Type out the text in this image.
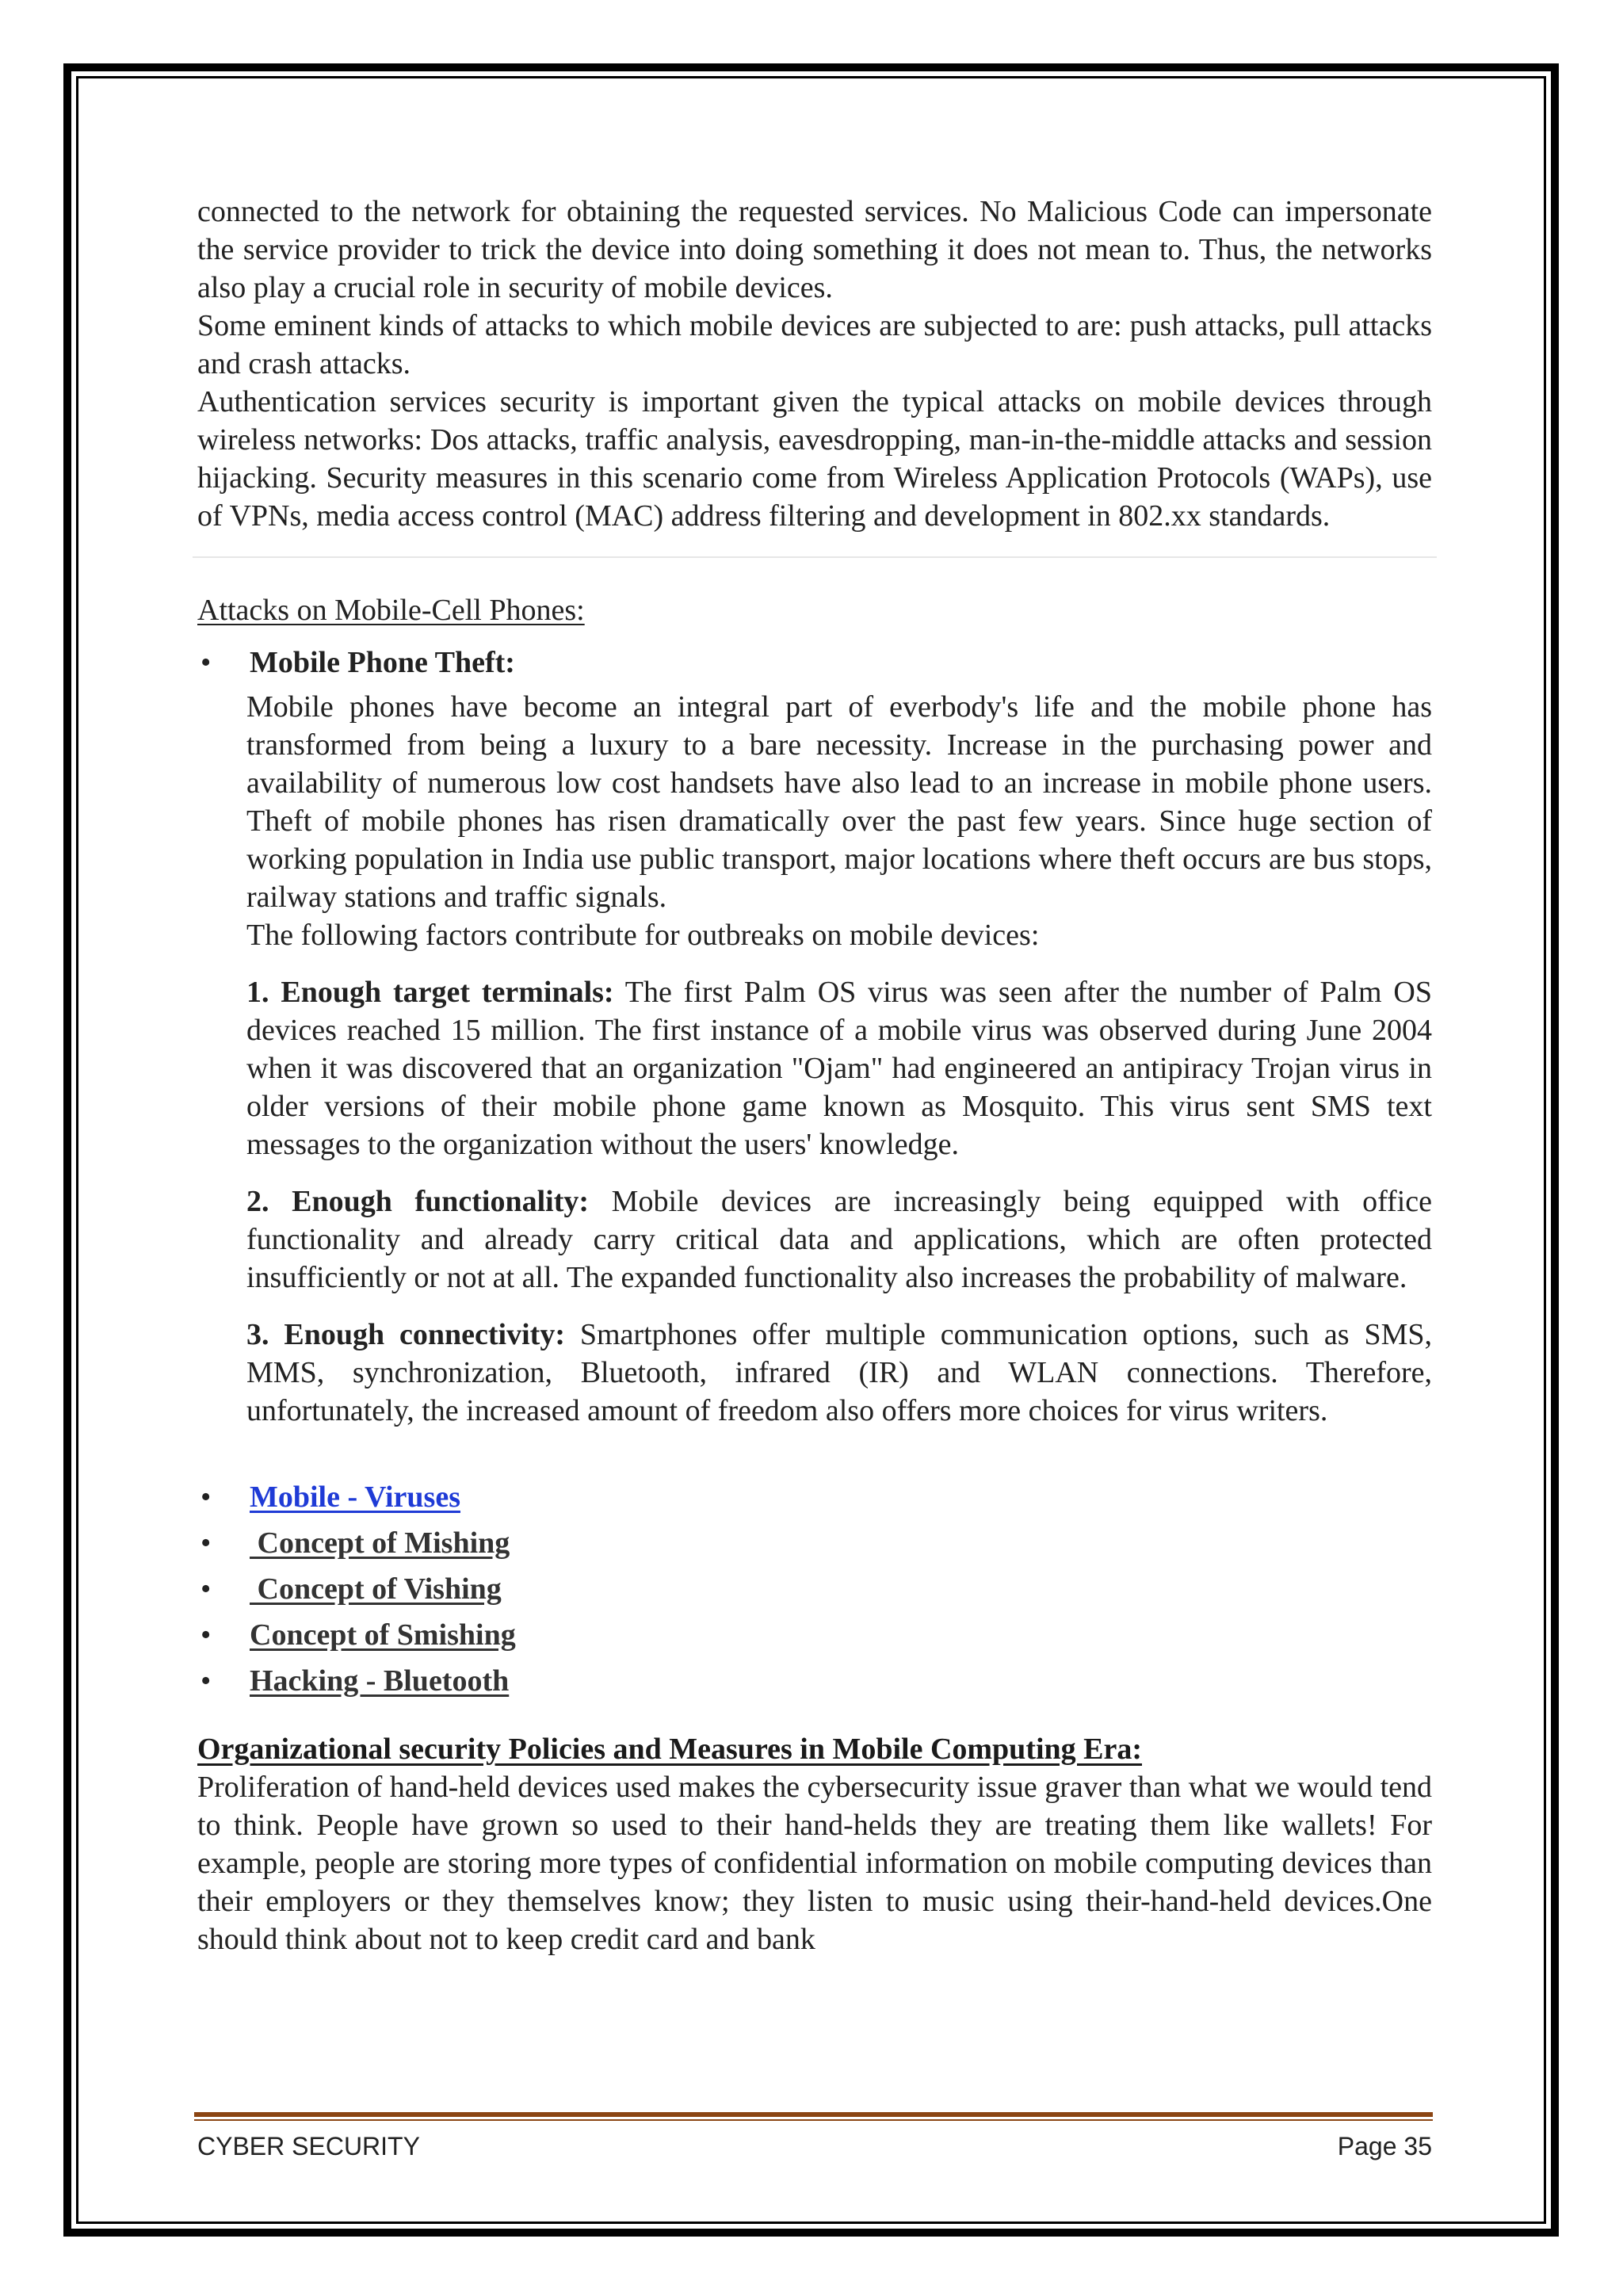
connected to the network for obtaining the requested services. No Malicious Code can impersonate the service provider to trick the device into doing something it does not mean to. Thus, the networks also play a crucial role in security of mobile devices.

Some eminent kinds of attacks to which mobile devices are subjected to are: push attacks, pull attacks and crash attacks.

Authentication services security is important given the typical attacks on mobile devices through wireless networks: Dos attacks, traffic analysis, eavesdropping, man-in-the-middle attacks and session hijacking. Security measures in this scenario come from Wireless Application Protocols (WAPs), use of VPNs, media access control (MAC) address filtering and development in 802.xx standards.

Attacks on Mobile-Cell Phones:

•	Mobile Phone Theft:

Mobile phones have become an integral part of everbody's life and the mobile phone has transformed from being a luxury to a bare necessity. Increase in the purchasing power and availability of numerous low cost handsets have also lead to an increase in mobile phone users. Theft of mobile phones has risen dramatically over the past few years. Since huge section of working population in India use public transport, major locations where theft occurs are bus stops, railway stations and traffic signals.

The following factors contribute for outbreaks on mobile devices:

1. Enough target terminals: The first Palm OS virus was seen after the number of Palm OS devices reached 15 million. The first instance of a mobile virus was observed during June 2004 when it was discovered that an organization "Ojam" had engineered an antipiracy Trojan virus in older versions of their mobile phone game known as Mosquito. This virus sent SMS text messages to the organization without the users' knowledge.

2. Enough functionality: Mobile devices are increasingly being equipped with office functionality and already carry critical data and applications, which are often protected insufficiently or not at all. The expanded functionality also increases the probability of malware.

3. Enough connectivity: Smartphones offer multiple communication options, such as SMS, MMS, synchronization, Bluetooth, infrared (IR) and WLAN connections. Therefore, unfortunately, the increased amount of freedom also offers more choices for virus writers.

•	Mobile - Viruses
•	Concept of Mishing
•	Concept of Vishing
•	Concept of Smishing
•	Hacking - Bluetooth

Organizational security Policies and Measures in Mobile Computing Era:

Proliferation of hand-held devices used makes the cybersecurity issue graver than what we would tend to think. People have grown so used to their hand-helds they are treating them like wallets! For example, people are storing more types of confidential information on mobile computing devices than their employers or they themselves know; they listen to music using their-hand-held devices.One should think about not to keep credit card and bank

CYBER SECURITY	Page 35
